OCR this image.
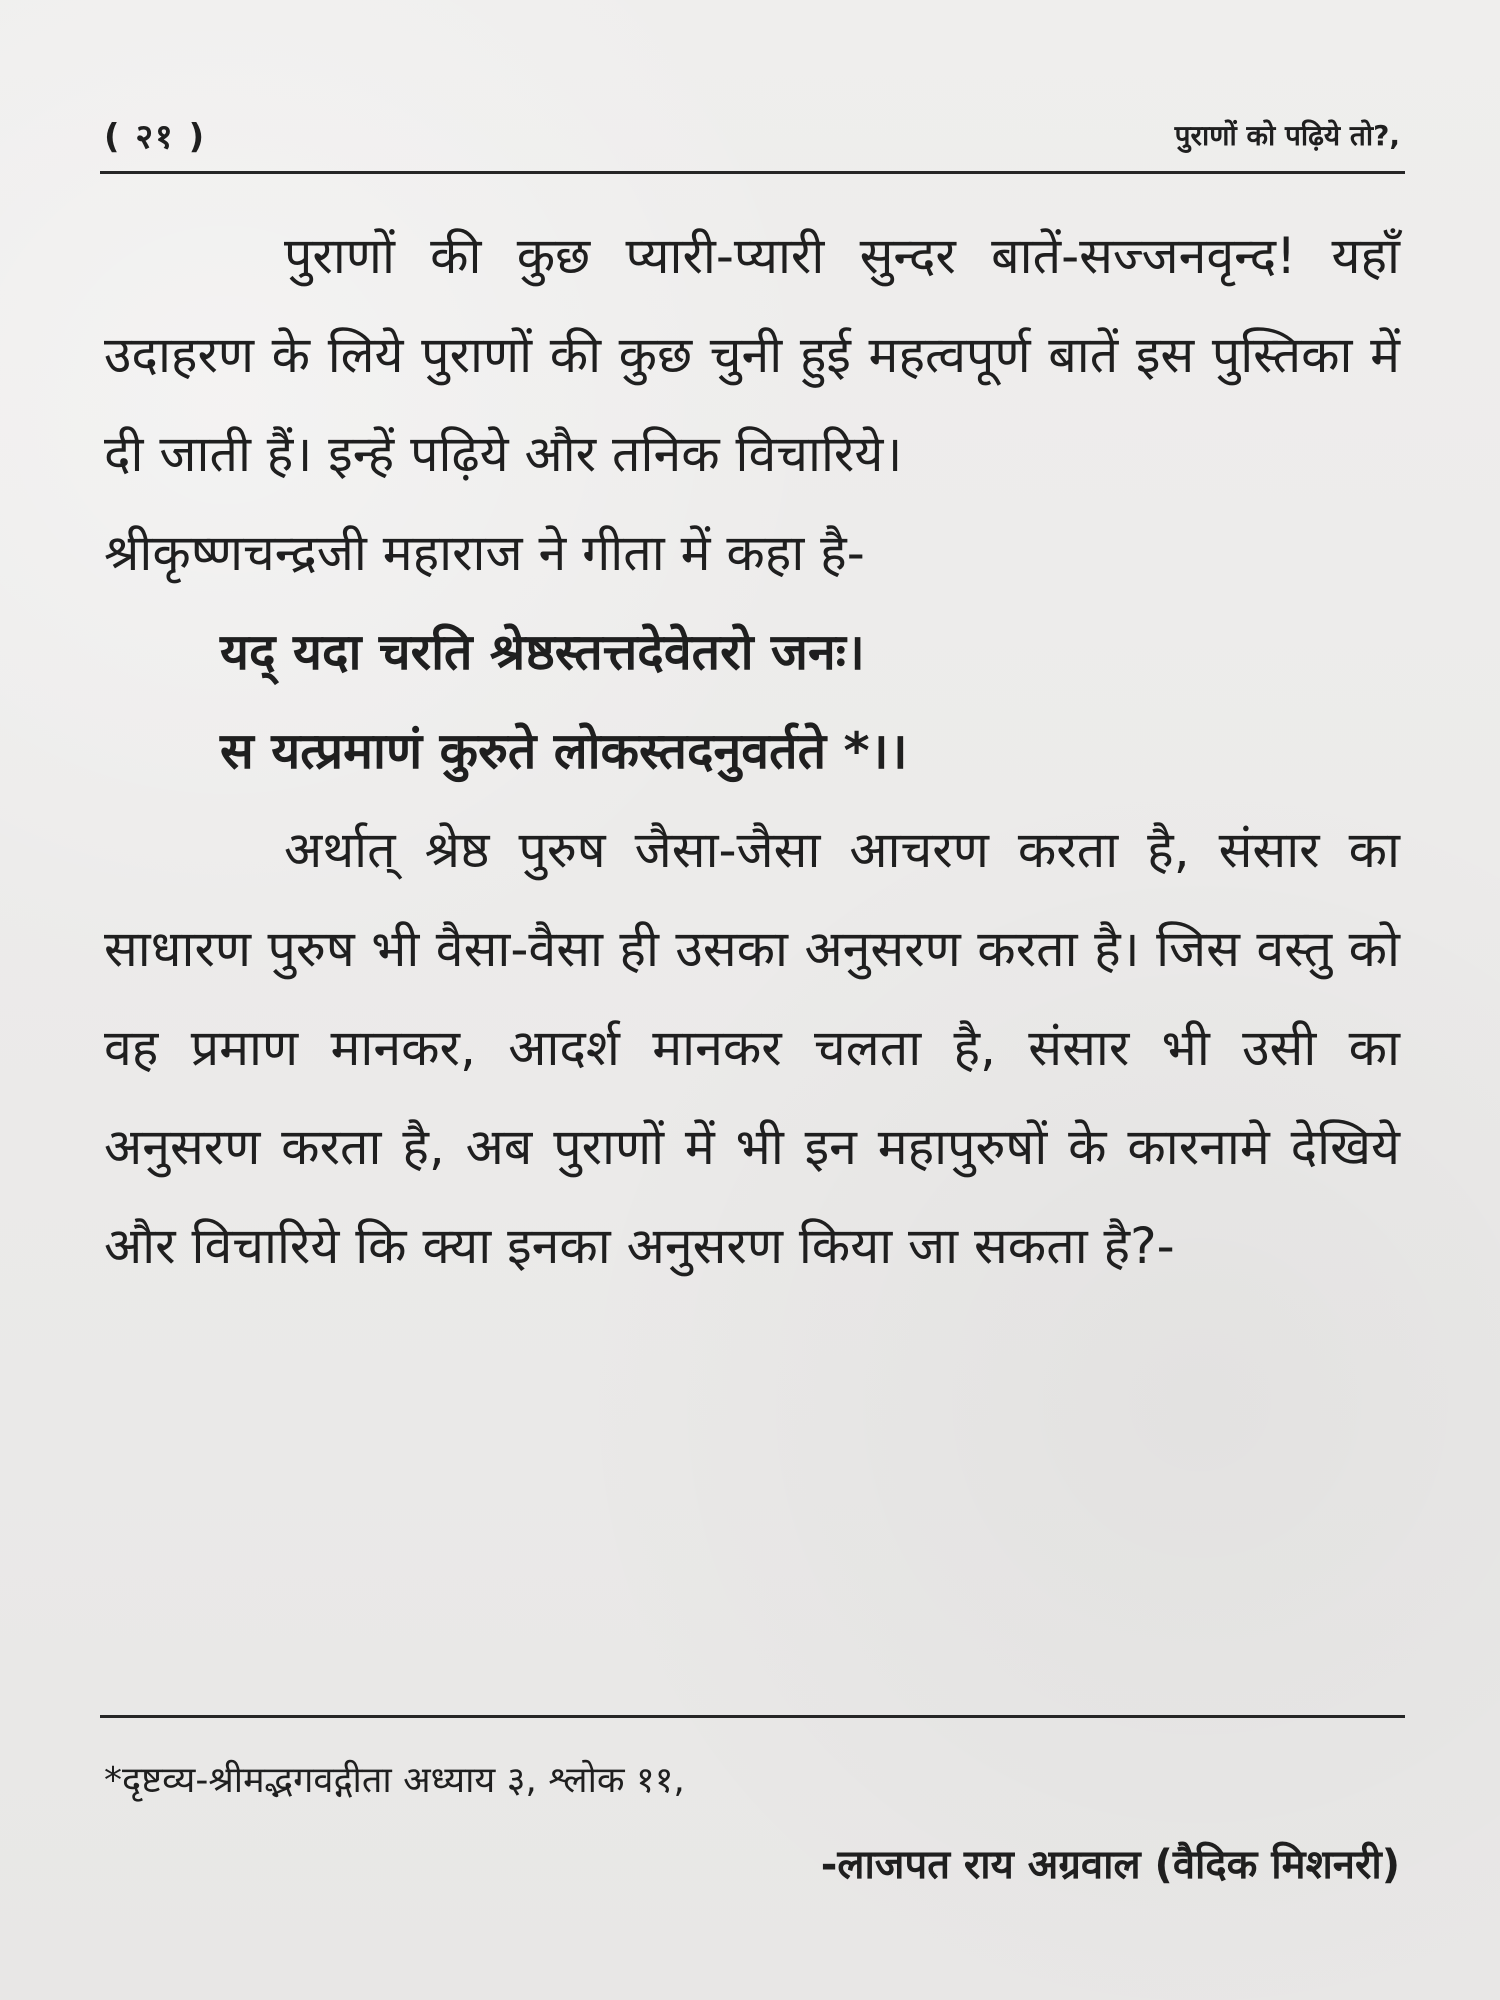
( २१ )	पुराणों को पढ़िये तो?,

पुराणों की कुछ प्यारी-प्यारी सुन्दर बातें-सज्जनवृन्द! यहाँ उदाहरण के लिये पुराणों की कुछ चुनी हुई महत्वपूर्ण बातें इस पुस्तिका में दी जाती हैं। इन्हें पढ़िये और तनिक विचारिये।

श्रीकृष्णचन्द्रजी महाराज ने गीता में कहा है-

यद् यदा चरति श्रेष्ठस्तत्तदेवेतरो जनः।

स यत्प्रमाणं कुरुते लोकस्तदनुवर्तते *।।

अर्थात् श्रेष्ठ पुरुष जैसा-जैसा आचरण करता है, संसार का साधारण पुरुष भी वैसा-वैसा ही उसका अनुसरण करता है। जिस वस्तु को वह प्रमाण मानकर, आदर्श मानकर चलता है, संसार भी उसी का अनुसरण करता है, अब पुराणों में भी इन महापुरुषों के कारनामे देखिये और विचारिये कि क्या इनका अनुसरण किया जा सकता है?-

*दृष्टव्य-श्रीमद्भगवद्गीता अध्याय ३, श्लोक ११,
-लाजपत राय अग्रवाल (वैदिक मिशनरी)
